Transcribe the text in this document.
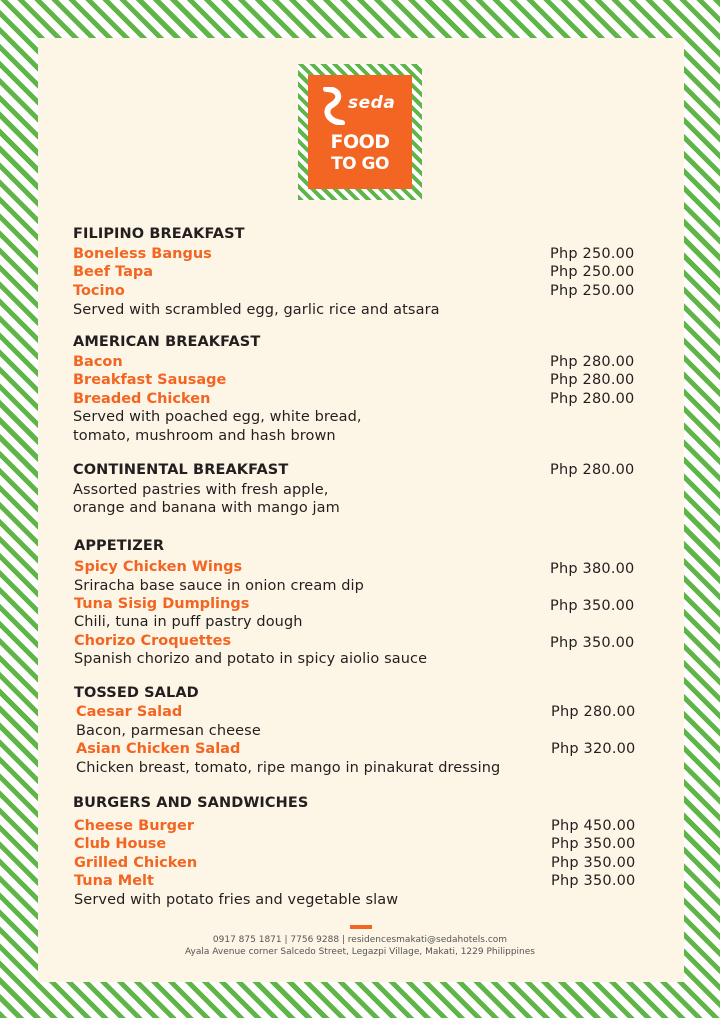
seda
FOOD
TO GO
FILIPINO BREAKFAST
Boneless Bangus	Php 250.00
Beef Tapa	Php 250.00
Tocino	Php 250.00
Served with scrambled egg, garlic rice and atsara
AMERICAN BREAKFAST
Bacon	Php 280.00
Breakfast Sausage	Php 280.00
Breaded Chicken	Php 280.00
Served with poached egg, white bread,
tomato, mushroom and hash brown
CONTINENTAL BREAKFAST	Php 280.00
Assorted pastries with fresh apple,
orange and banana with mango jam
APPETIZER
Spicy Chicken Wings	Php 380.00
Sriracha base sauce in onion cream dip
Tuna Sisig Dumplings	Php 350.00
Chili, tuna in puff pastry dough
Chorizo Croquettes	Php 350.00
Spanish chorizo and potato in spicy aiolio sauce
TOSSED SALAD
Caesar Salad	Php 280.00
Bacon, parmesan cheese
Asian Chicken Salad	Php 320.00
Chicken breast, tomato, ripe mango in pinakurat dressing
BURGERS AND SANDWICHES
Cheese Burger	Php 450.00
Club House	Php 350.00
Grilled Chicken	Php 350.00
Tuna Melt	Php 350.00
Served with potato fries and vegetable slaw
0917 875 1871 | 7756 9288 | residencesmakati@sedahotels.com
Ayala Avenue corner Salcedo Street, Legazpi Village, Makati, 1229 Philippines
